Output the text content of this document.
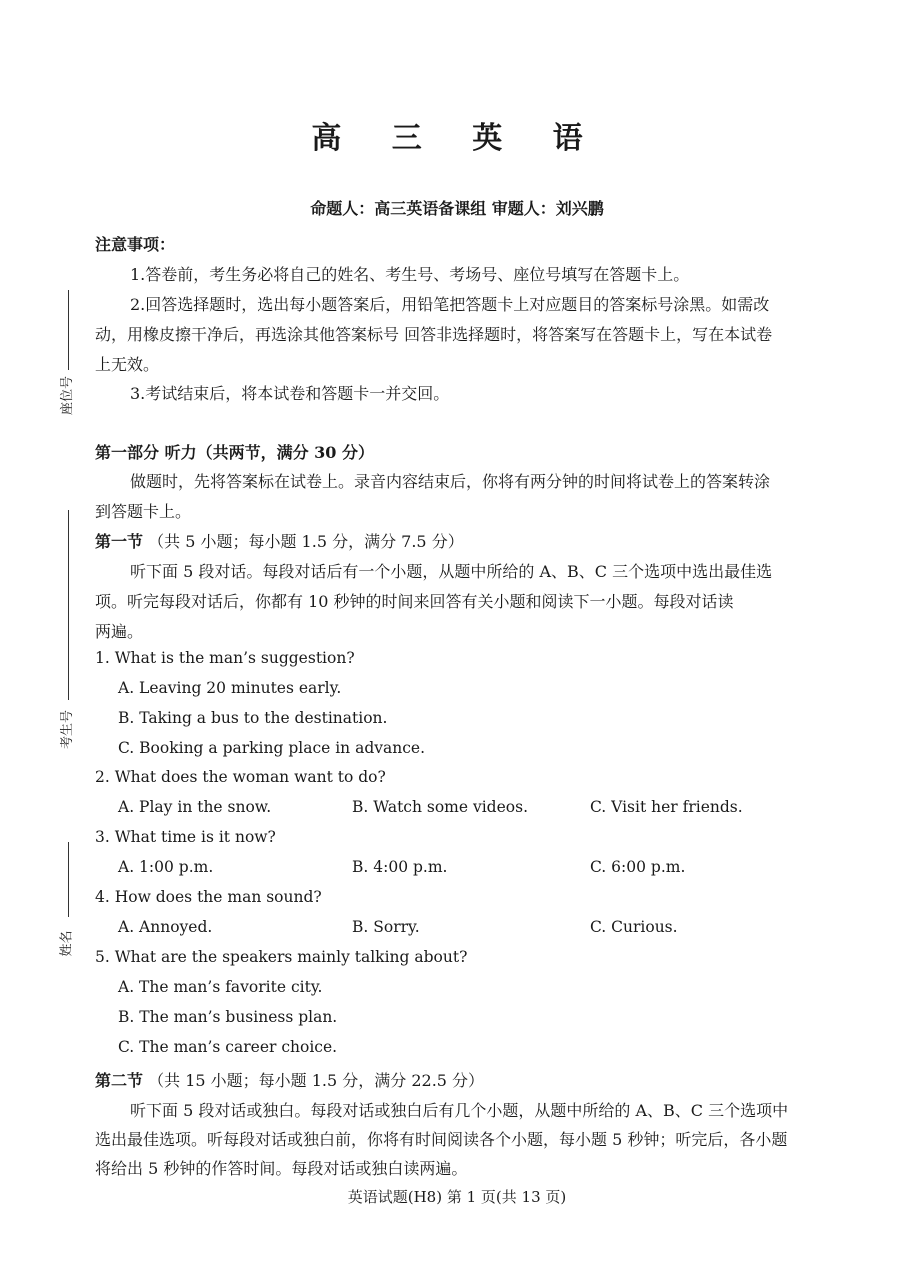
高 三 英 语
命题人：高三英语备课组 审题人：刘兴鹏
座位号
考生号
姓名
注意事项：
1.答卷前，考生务必将自己的姓名、考生号、考场号、座位号填写在答题卡上。
2.回答选择题时，选出每小题答案后，用铅笔把答题卡上对应题目的答案标号涂黑。如需改
动，用橡皮擦干净后，再选涂其他答案标号 回答非选择题时，将答案写在答题卡上，写在本试卷
上无效。
3.考试结束后，将本试卷和答题卡一并交回。
第一部分 听力（共两节，满分 30 分）
做题时，先将答案标在试卷上。录音内容结束后，你将有两分钟的时间将试卷上的答案转涂
到答题卡上。
第一节 （共 5 小题；每小题 1.5 分，满分 7.5 分）
听下面 5 段对话。每段对话后有一个小题，从题中所给的 A、B、C 三个选项中选出最佳选
项。听完每段对话后，你都有 10 秒钟的时间来回答有关小题和阅读下一小题。每段对话读
两遍。
1. What is the man’s suggestion?
A. Leaving 20 minutes early.
B. Taking a bus to the destination.
C. Booking a parking place in advance.
2. What does the woman want to do?
A. Play in the snow.	B. Watch some videos.	C. Visit her friends.
3. What time is it now?
A. 1:00 p.m.	B. 4:00 p.m.	C. 6:00 p.m.
4. How does the man sound?
A. Annoyed.	B. Sorry.	C. Curious.
5. What are the speakers mainly talking about?
A. The man’s favorite city.
B. The man’s business plan.
C. The man’s career choice.
第二节 （共 15 小题；每小题 1.5 分，满分 22.5 分）
听下面 5 段对话或独白。每段对话或独白后有几个小题，从题中所给的 A、B、C 三个选项中
选出最佳选项。听每段对话或独白前，你将有时间阅读各个小题，每小题 5 秒钟；听完后，各小题
将给出 5 秒钟的作答时间。每段对话或独白读两遍。
英语试题(H8) 第 1 页(共 13 页)
